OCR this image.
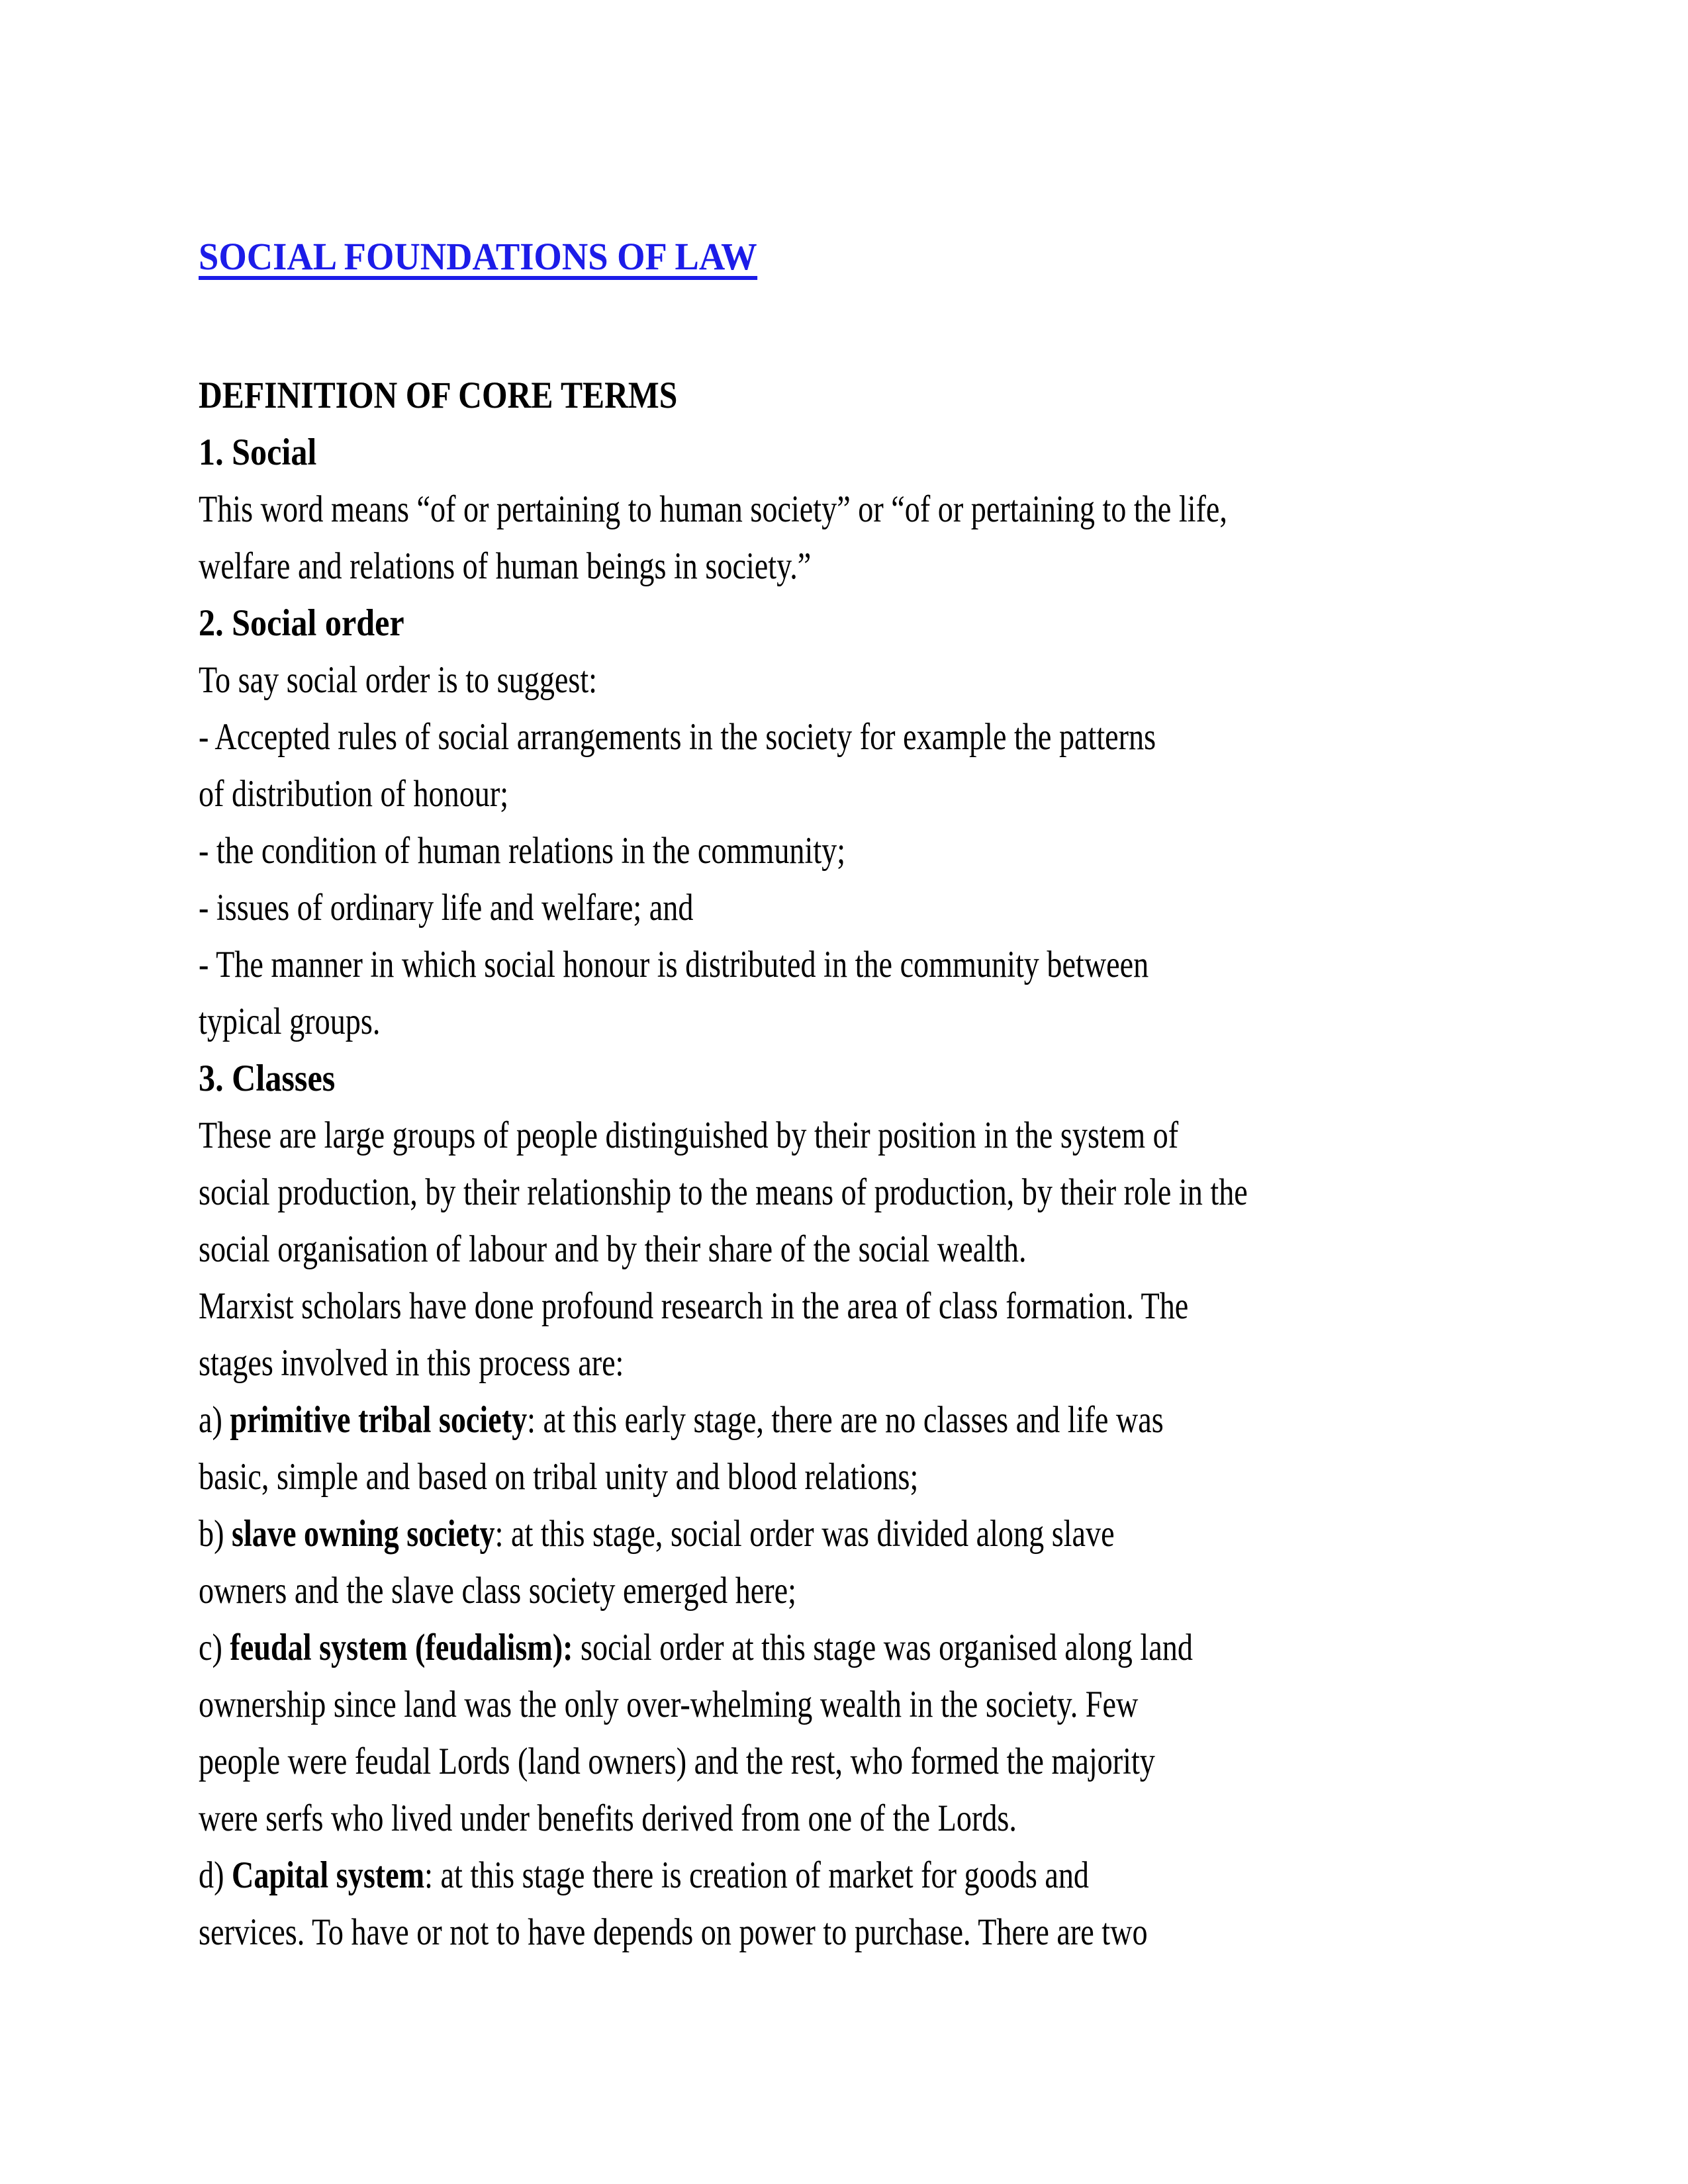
SOCIAL FOUNDATIONS OF LAW
DEFINITION OF CORE TERMS
1. Social
This word means “of or pertaining to human society” or “of or pertaining to the life,
welfare and relations of human beings in society.”
2. Social order
To say social order is to suggest:
- Accepted rules of social arrangements in the society for example the patterns
of distribution of honour;
- the condition of human relations in the community;
- issues of ordinary life and welfare; and
- The manner in which social honour is distributed in the community between
typical groups.
3. Classes
These are large groups of people distinguished by their position in the system of
social production, by their relationship to the means of production, by their role in the
social organisation of labour and by their share of the social wealth.
Marxist scholars have done profound research in the area of class formation. The
stages involved in this process are:
a) primitive tribal society: at this early stage, there are no classes and life was
basic, simple and based on tribal unity and blood relations;
b) slave owning society: at this stage, social order was divided along slave
owners and the slave class society emerged here;
c) feudal system (feudalism): social order at this stage was organised along land
ownership since land was the only over-whelming wealth in the society. Few
people were feudal Lords (land owners) and the rest, who formed the majority
were serfs who lived under benefits derived from one of the Lords.
d) Capital system: at this stage there is creation of market for goods and
services. To have or not to have depends on power to purchase. There are two
